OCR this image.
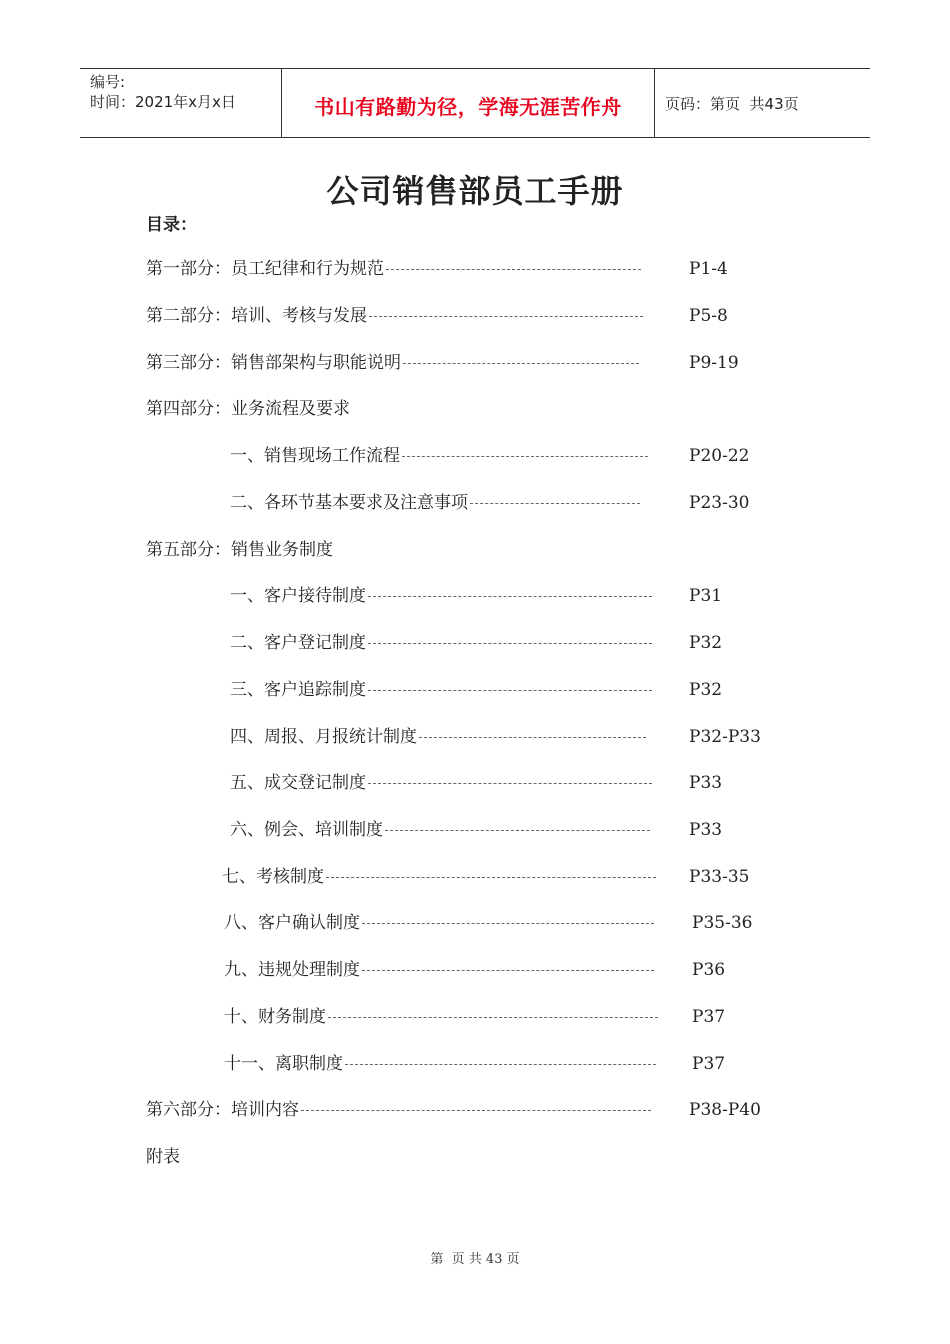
编号:
时间：2021年x月x日	书山有路勤为径，学海无涯苦作舟	页码：第页  共43页
公司销售部员工手册
目录：
第一部分：员工纪律和行为规范	P1-4
第二部分：培训、考核与发展	P5-8
第三部分：销售部架构与职能说明	P9-19
第四部分：业务流程及要求
一、销售现场工作流程	P20-22
二、各环节基本要求及注意事项	P23-30
第五部分：销售业务制度
一、客户接待制度	P31
二、客户登记制度	P32
三、客户追踪制度	P32
四、周报、月报统计制度	P32-P33
五、成交登记制度	P33
六、例会、培训制度	P33
七、考核制度	P33-35
八、客户确认制度	P35-36
九、违规处理制度	P36
十、财务制度	P37
十一、离职制度	P37
第六部分：培训内容	P38-P40
附表
第  页 共 43 页
